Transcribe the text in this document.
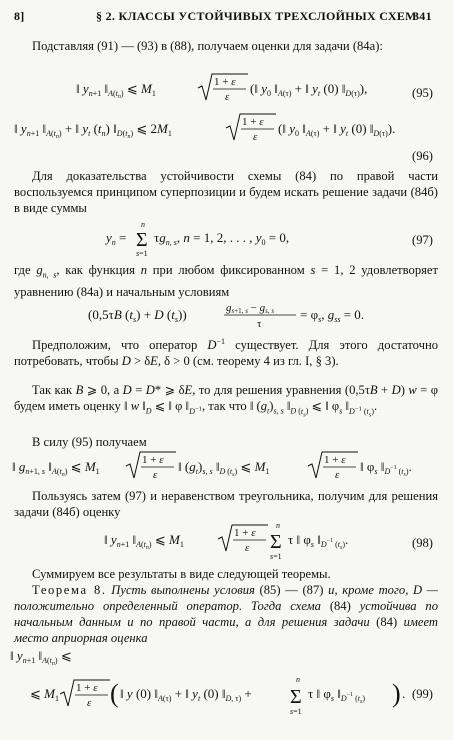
8]	§ 2. КЛАССЫ УСТОЙЧИВЫХ ТРЕХСЛОЙНЫХ СХЕМ
341
Подставляя (91) — (93) в (88), получаем оценки для задачи (84а):
‖ $y_n+1$ $‖_A(tn)$ ⩽ $M_1$
1 + ε
ε
(‖ $y_0$ $‖_A(\tau)$ + ‖ $y_t$ (0) $‖_D(\tau)$),	(95)
‖ $y_n+1$ $‖_A(tn)$ + ‖ $y_t$ $(t_n)$ $‖_D(tn)$ ⩽ $2M_1$
1 + ε
ε
(‖ $y_0$ $‖_A(\tau)$ + ‖ $y_t$ (0) $‖_D(\tau)$).
(96)
Для доказательства устойчивости схемы (84) по правой части воспользуемся принципом суперпозиции и будем искать решение задачи (84б) в виде суммы
$y_n$ =
n
Σ
s=1
$\tau g_n$, s, n = 1, 2, . . . , $y_0 = 0$,	(97)
где $g_{n, s}$, как функция n при любом фиксированном s = 1, 2 удовлетворяет уравнению (84а) и начальным условиям
(0,5τB $(t_s) + D$ $(t_s)$)	gs+1, s − gs, s
τ
= $\varphi_s$, $g_{ss} = 0$.
Предположим, что оператор $D^{-1}$ существует. Для этого достаточно потребовать, чтобы D > δE, δ > 0 (см. теорему 4 из гл. I, § 3).
Так как B ⩾ 0, а D = D* ⩾ δE, то для решения уравнения (0,5τB + D) w = φ будем иметь оценку ‖ w $‖_D$ ⩽ ‖ φ $‖_{D^{-1}}$, так что ‖ $(g_t)_{s, s}$ $‖_{D (t_s)}$ ⩽ ‖ $\varphi_s$ $‖_{D^{-1} (t_s)}$.
В силу (95) получаем
‖ $g_n+1$, s $‖_A(tn)$ ⩽ $M_1$
1 + ε
ε
‖ $(g_t)_s$, s $‖_D$ (ts) ⩽ $M_1$
1 + ε
ε
‖ $\varphi_s$ $‖_D^{-1}$ $_($ts).
Пользуясь затем (97) и неравенством треугольника, получим для решения задачи (84б) оценку
‖ $y_n+1$ $‖_A(tn)$ ⩽ $M_1$
1 + ε
ε
n
Σ
s=1
τ ‖ $\varphi_s$ $‖_D^{-1}$ $_($ts).	(98)
Суммируем все результаты в виде следующей теоремы.
Теорема 8. Пусть выполнены условия (85) — (87) и, кроме того, D — положительно определенный оператор. Тогда схема (84) устойчива по начальным данным и по правой части, а для решения задачи (84) имеет место априорная оценка
‖ $y_n+1$ $‖_A(tn)$ ⩽
⩽ $M_1$
1 + ε
ε ( ‖ y (0) $‖_A(\tau)$ + ‖ $y_t$ (0) $‖_D$, τ) +
n
Σ
s=1
τ ‖ $\varphi_s$ $‖_D^{-1}$ $_($ts) ) . (99)
